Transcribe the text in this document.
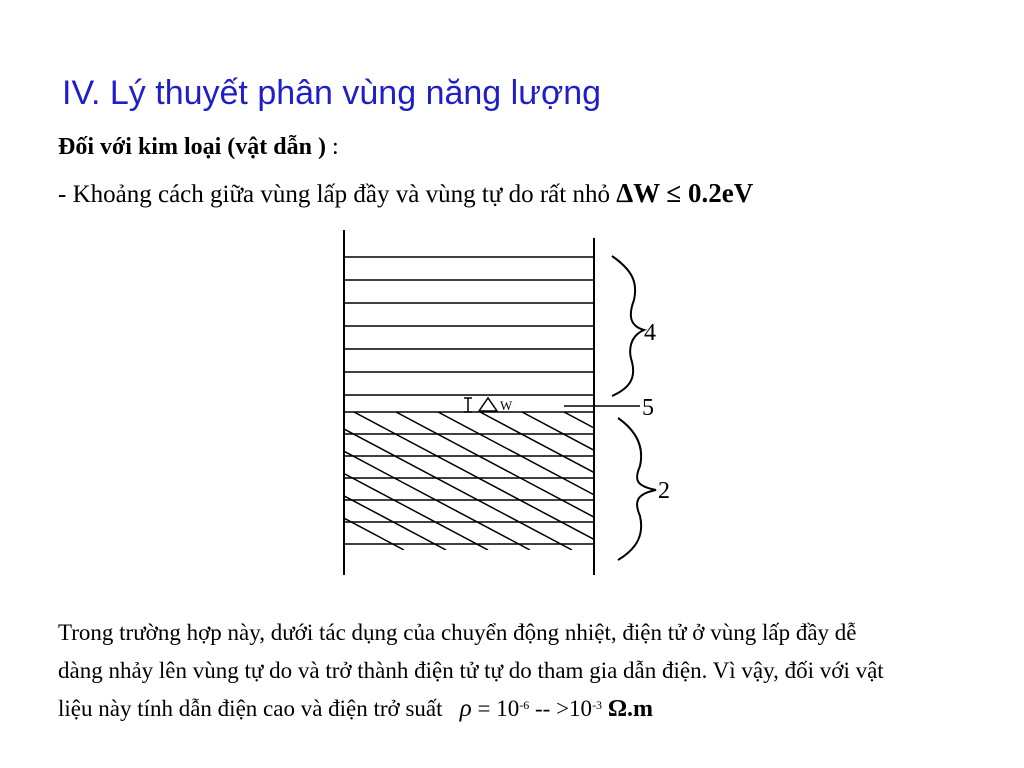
IV. Lý thuyết phân vùng năng lượng
Đối với kim loại (vật dẫn ) :
- Khoảng cách giữa vùng lấp đầy và vùng tự do rất nhỏ ΔW ≤ 0.2eV
W	5
4
2
Trong trường hợp này, dưới tác dụng của chuyển động nhiệt, điện tử ở vùng lấp đầy dễ
dàng nhảy lên vùng tự do và trở thành điện tử tự do tham gia dẫn điện. Vì vậy, đối với vật
liệu này tính dẫn điện cao và điện trở suất $\rho = 10^{-6} -- >10^{-3}$ Ω.m
